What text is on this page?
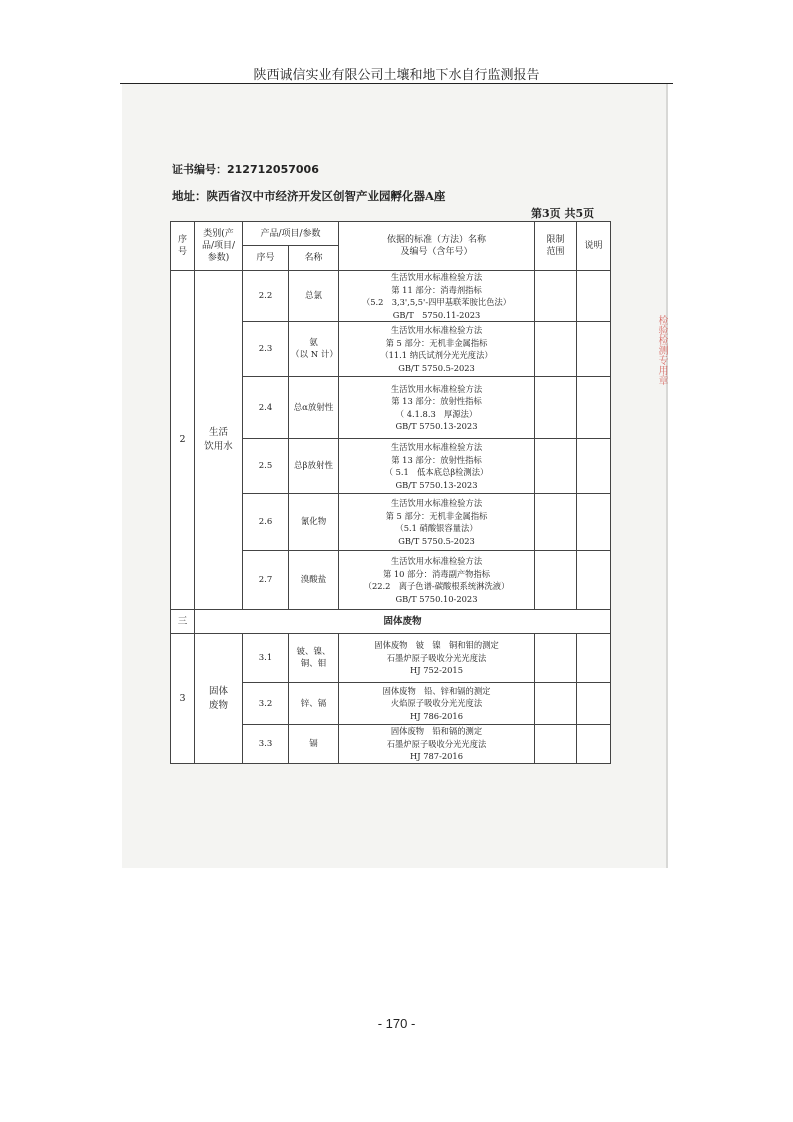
陕西诚信实业有限公司土壤和地下水自行监测报告
检验检测专用章
证书编号：212712057006
地址：陕西省汉中市经济开发区创智产业园孵化器A座
第3页 共5页
序
号	类别(产
品/项目/
参数)	产品/项目/参数		依据的标准（方法）名称
及编号（含年号）	限制
范围	说明
		序号	名称			
2	生活
饮用水	2.2	总氯	生活饮用水标准检验方法
第 11 部分：消毒剂指标
（5.2　3,3',5,5'-四甲基联苯胺比色法）
GB/T　5750.11-2023		

		2.3	氨
（以 N 计）	生活饮用水标准检验方法
第 5 部分：无机非金属指标
（11.1 纳氏试剂分光光度法）
GB/T 5750.5-2023		

		2.4	总α放射性	生活饮用水标准检验方法
第 13 部分：放射性指标
（ 4.1.8.3　厚源法）
GB/T 5750.13-2023		

		2.5	总β放射性	生活饮用水标准检验方法
第 13 部分：放射性指标
（ 5.1　低本底总β检测法）
GB/T 5750.13-2023		

		2.6	氰化物	生活饮用水标准检验方法
第 5 部分：无机非金属指标
（5.1 硝酸银容量法）
GB/T 5750.5-2023		

		2.7	溴酸盐	生活饮用水标准检验方法
第 10 部分：消毒副产物指标
（22.2　离子色谱-碳酸根系统淋洗液）
GB/T 5750.10-2023		

三	固体废物					
3	固体
废物	3.1	铍、镍、
铜、钼	固体废物　铍　镍　铜和钼的测定
石墨炉原子吸收分光光度法
HJ 752-2015		

		3.2	锌、镉	固体废物　铅、锌和镉的测定
火焰原子吸收分光光度法
HJ 786-2016		

		3.3	镉	固体废物　铅和镉的测定
石墨炉原子吸收分光光度法
HJ 787-2016		

- 170 -
